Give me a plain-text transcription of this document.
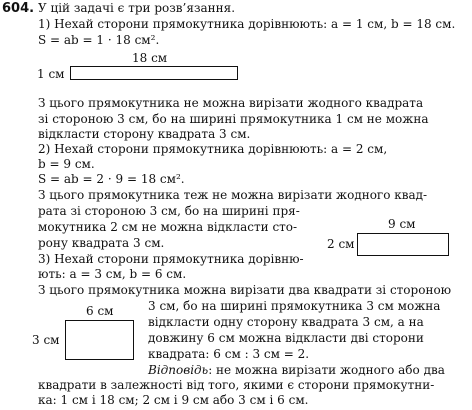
604. У цій задачі є три розв’язання.
1) Нехай сторони прямокутника дорівнюють: a = 1 см, b = 18 см.
S = ab = 1 · 18 см².
18 см
1 см
З цього прямокутника не можна вирізати жодного квадрата
зі стороною 3 см, бо на ширині прямокутника 1 см не можна
відкласти сторону квадрата 3 см.
2) Нехай сторони прямокутника дорівнюють: a = 2 см,
b = 9 см.
S = ab = 2 · 9 = 18 см².
З цього прямокутника теж не можна вирізати жодного квад-
рата зі стороною 3 см, бо на ширині пря-
мокутника 2 см не можна відкласти сто-
рону квадрата 3 см.
9 см
2 см
3) Нехай сторони прямокутника дорівню-
ють: a = 3 см, b = 6 см.
З цього прямокутника можна вирізати два квадрати зі стороною
3 см, бо на ширині прямокутника 3 см можна
відкласти одну сторону квадрата 3 см, а на
довжину 6 см можна відкласти дві сторони
квадрата: 6 см : 3 см = 2.
6 см
3 см
Відповідь: не можна вирізати жодного або два
квадрати в залежності від того, якими є сторони прямокутни-
ка: 1 см і 18 см; 2 см і 9 см або 3 см і 6 см.
